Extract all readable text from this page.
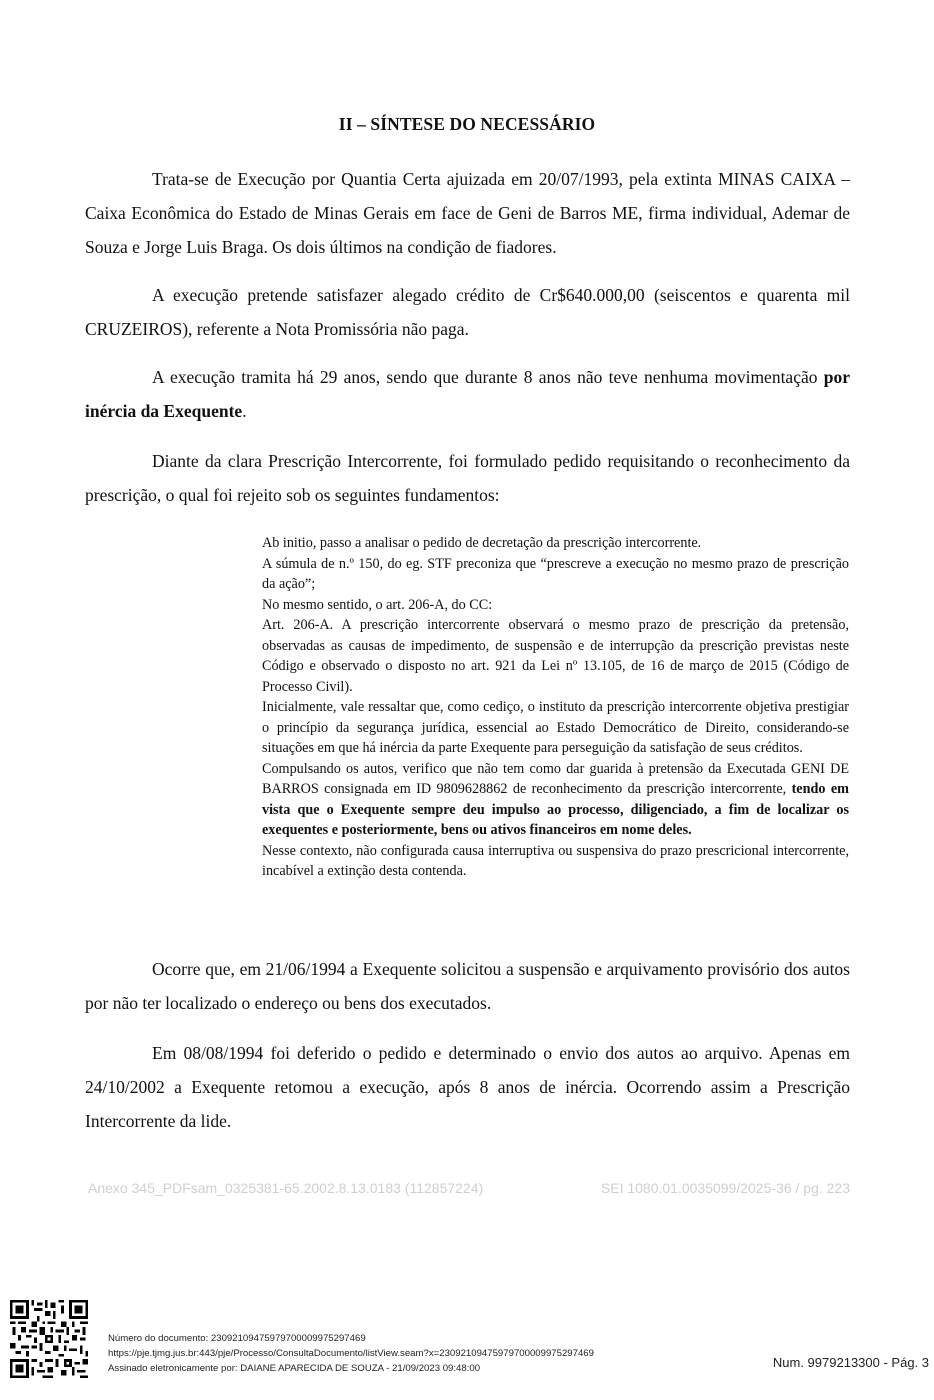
II – SÍNTESE DO NECESSÁRIO

Trata-se de Execução por Quantia Certa ajuizada em 20/07/1993, pela extinta MINAS CAIXA – Caixa Econômica do Estado de Minas Gerais em face de Geni de Barros ME, firma individual, Ademar de Souza e Jorge Luis Braga. Os dois últimos na condição de fiadores.

A execução pretende satisfazer alegado crédito de Cr$640.000,00 (seiscentos e quarenta mil CRUZEIROS), referente a Nota Promissória não paga.

A execução tramita há 29 anos, sendo que durante 8 anos não teve nenhuma movimentação por inércia da Exequente.

Diante da clara Prescrição Intercorrente, foi formulado pedido requisitando o reconhecimento da prescrição, o qual foi rejeito sob os seguintes fundamentos:

Ab initio, passo a analisar o pedido de decretação da prescrição intercorrente.

A súmula de n.º 150, do eg. STF preconiza que “prescreve a execução no mesmo prazo de prescrição da ação”;

No mesmo sentido, o art. 206-A, do CC:

Art. 206-A. A prescrição intercorrente observará o mesmo prazo de prescrição da pretensão, observadas as causas de impedimento, de suspensão e de interrupção da prescrição previstas neste Código e observado o disposto no art. 921 da Lei nº 13.105, de 16 de março de 2015 (Código de Processo Civil).

Inicialmente, vale ressaltar que, como cediço, o instituto da prescrição intercorrente objetiva prestigiar o princípio da segurança jurídica, essencial ao Estado Democrático de Direito, considerando-se situações em que há inércia da parte Exequente para perseguição da satisfação de seus créditos.

Compulsando os autos, verifico que não tem como dar guarida à pretensão da Executada GENI DE BARROS consignada em ID 9809628862 de reconhecimento da prescrição intercorrente, tendo em vista que o Exequente sempre deu impulso ao processo, diligenciado, a fim de localizar os exequentes e posteriormente, bens ou ativos financeiros em nome deles.

Nesse contexto, não configurada causa interruptiva ou suspensiva do prazo prescricional intercorrente, incabível a extinção desta contenda.

Ocorre que, em 21/06/1994 a Exequente solicitou a suspensão e arquivamento provisório dos autos por não ter localizado o endereço ou bens dos executados.

Em 08/08/1994 foi deferido o pedido e determinado o envio dos autos ao arquivo. Apenas em 24/10/2002 a Exequente retomou a execução, após 8 anos de inércia. Ocorrendo assim a Prescrição Intercorrente da lide.

Anexo 345_PDFsam_0325381-65.2002.8.13.0183 (112857224)	SEI 1080.01.0035099/2025-36 / pg. 223
Número do documento: 23092109475979700009975297469
https://pje.tjmg.jus.br:443/pje/Processo/ConsultaDocumento/listView.seam?x=23092109475979700009975297469
Assinado eletronicamente por: DAIANE APARECIDA DE SOUZA - 21/09/2023 09:48:00	Num. 9979213300 - Pág. 3
